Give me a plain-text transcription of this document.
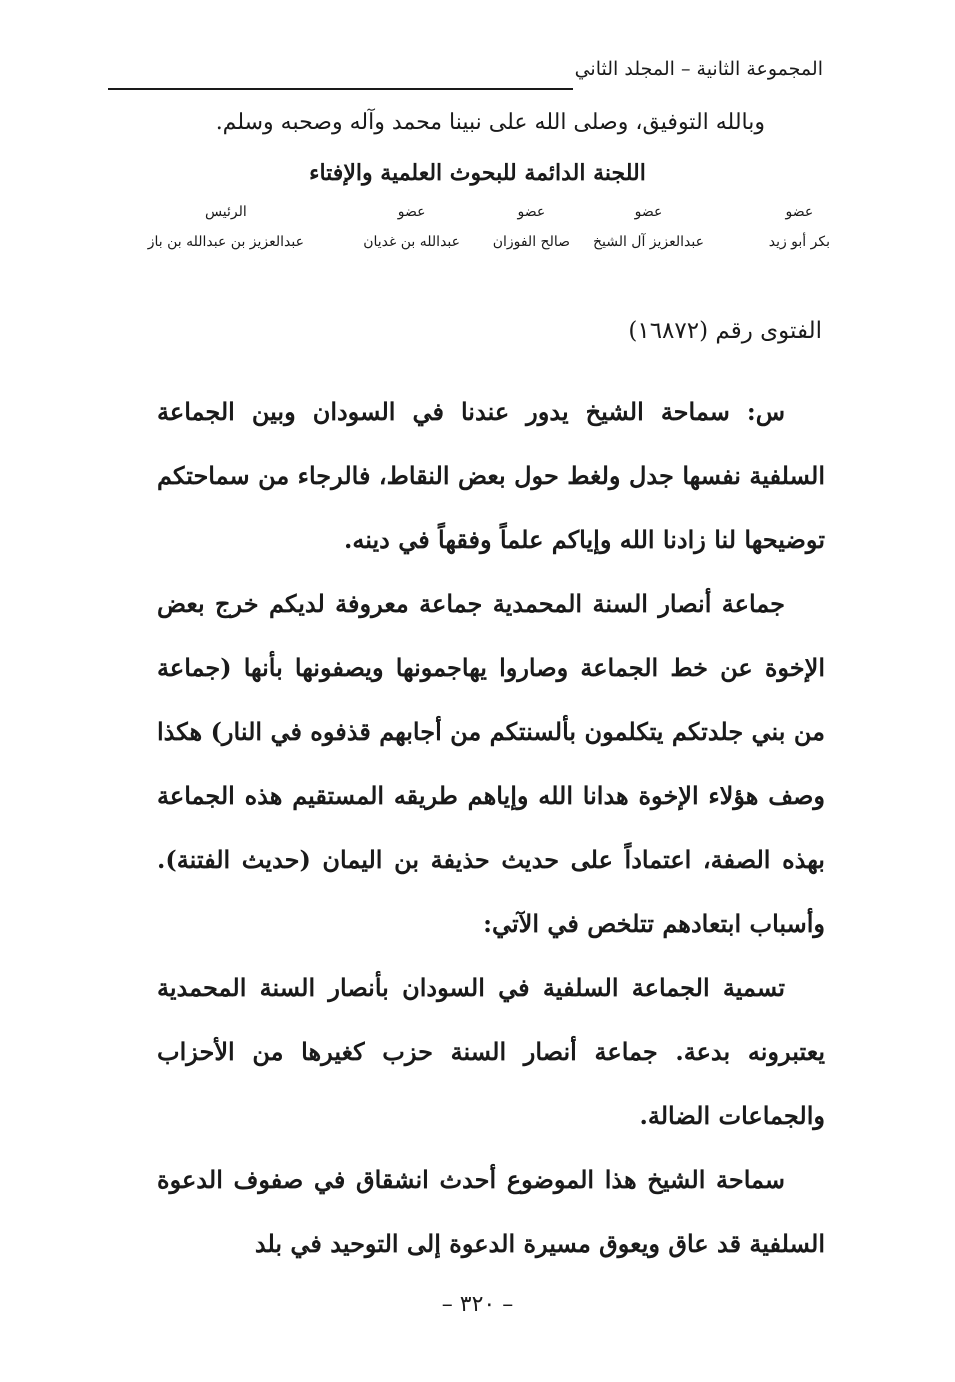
المجموعة الثانية – المجلد الثاني
وبالله التوفيق، وصلى الله على نبينا محمد وآله وصحبه وسلم.
اللجنة الدائمة للبحوث العلمية والإفتاء
عضو
بكر أبو زيد
عضو
عبدالعزيز آل الشيخ
عضو
صالح الفوزان
عضو
عبدالله بن غديان
الرئيس
عبدالعزيز بن عبدالله بن باز
الفتوى رقم (١٦٨٧٢)

س: سماحة الشيخ يدور عندنا في السودان وبين الجماعة السلفية نفسها جدل ولغط حول بعض النقاط، فالرجاء من سماحتكم توضيحها لنا زادنا الله وإياكم علماً وفقهاً في دينه.

جماعة أنصار السنة المحمدية جماعة معروفة لديكم خرج بعض الإخوة عن خط الجماعة وصاروا يهاجمونها ويصفونها بأنها (جماعة من بني جلدتكم يتكلمون بألسنتكم من أجابهم قذفوه في النار) هكذا وصف هؤلاء الإخوة هدانا الله وإياهم طريقه المستقيم هذه الجماعة بهذه الصفة، اعتماداً على حديث حذيفة بن اليمان (حديث الفتنة). وأسباب ابتعادهم تتلخص في الآتي:

تسمية الجماعة السلفية في السودان بأنصار السنة المحمدية يعتبرونه بدعة. جماعة أنصار السنة حزب كغيرها من الأحزاب والجماعات الضالة.

سماحة الشيخ هذا الموضوع أحدث انشقاق في صفوف الدعوة السلفية قد عاق ويعوق مسيرة الدعوة إلى التوحيد في بلد

– ٣٢٠ –
